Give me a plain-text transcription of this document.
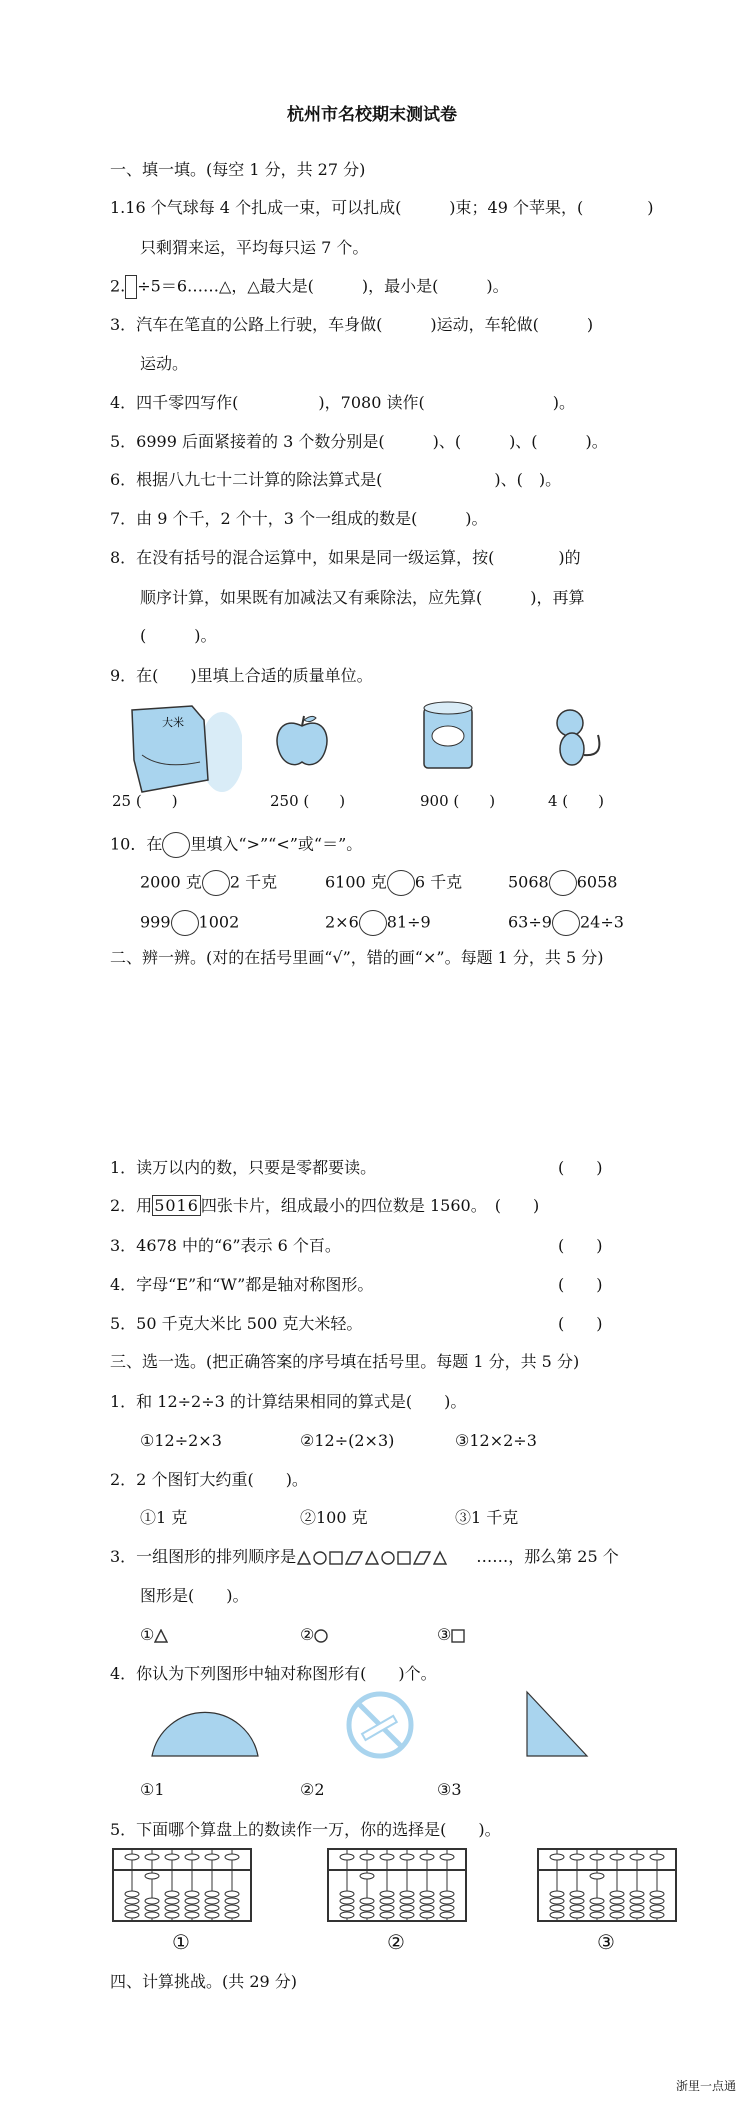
杭州市名校期末测试卷
一、填一填。(每空 1 分，共 27 分)
1.16 个气球每 4 个扎成一束，可以扎成(　　　)束；49 个苹果，(　　　　)
只剩猬来运，平均每只运 7 个。
2. ÷5＝6……△，△最大是(　　　)，最小是(　　　)。
3．汽车在笔直的公路上行驶，车身做(　　　)运动，车轮做(　　　)
运动。
4．四千零四写作(　　　　　)，7080 读作(　　　　　　　　)。
5．6999 后面紧接着的 3 个数分别是(　　　)、(　　　)、(　　　)。
6．根据八九七十二计算的除法算式是(　　　　　　　)、(　)。
7．由 9 个千，2 个十，3 个一组成的数是(　　　)。
8．在没有括号的混合运算中，如果是同一级运算，按(　　　　)的
顺序计算，如果既有加减法又有乘除法，应先算(　　　)，再算
(　　　)。
9．在(　　)里填上合适的质量单位。
大米
25 (　　)	250 (　　)	900 (　　)	4 (　　)
10．在 里填入“>”“<”或“＝”。
2000 克 2 千克	6100 克 6 千克	5068 6058
999 1002	2×6 81÷9	63÷9 24÷3
二、辨一辨。(对的在括号里画“√”，错的画“×”。每题 1 分，共 5 分)
1．读万以内的数，只要是零都要读。	(　　)
2．用 5016 四张卡片，组成最小的四位数是 1560。　 (　　)
3．4678 中的“6”表示 6 个百。	(　　)
4．字母“E”和“W”都是轴对称图形。	(　　)
5．50 千克大米比 500 克大米轻。	(　　)
三、选一选。(把正确答案的序号填在括号里。每题 1 分，共 5 分)
1．和 12÷2÷3 的计算结果相同的算式是(　　)。
①12÷2×3	②12÷(2×3)	③12×2÷3
2．2 个图钉大约重(　　)。
①1 克	②100 克	③1 千克
3．一组图形的排列顺序是	……，那么第 25 个
图形是(　　)。
①	②	③
4．你认为下列图形中轴对称图形有(　　)个。
①1	②2	③3
5．下面哪个算盘上的数读作一万，你的选择是(　　)。
①	②	③
四、计算挑战。(共 29 分)
浙里一点通
